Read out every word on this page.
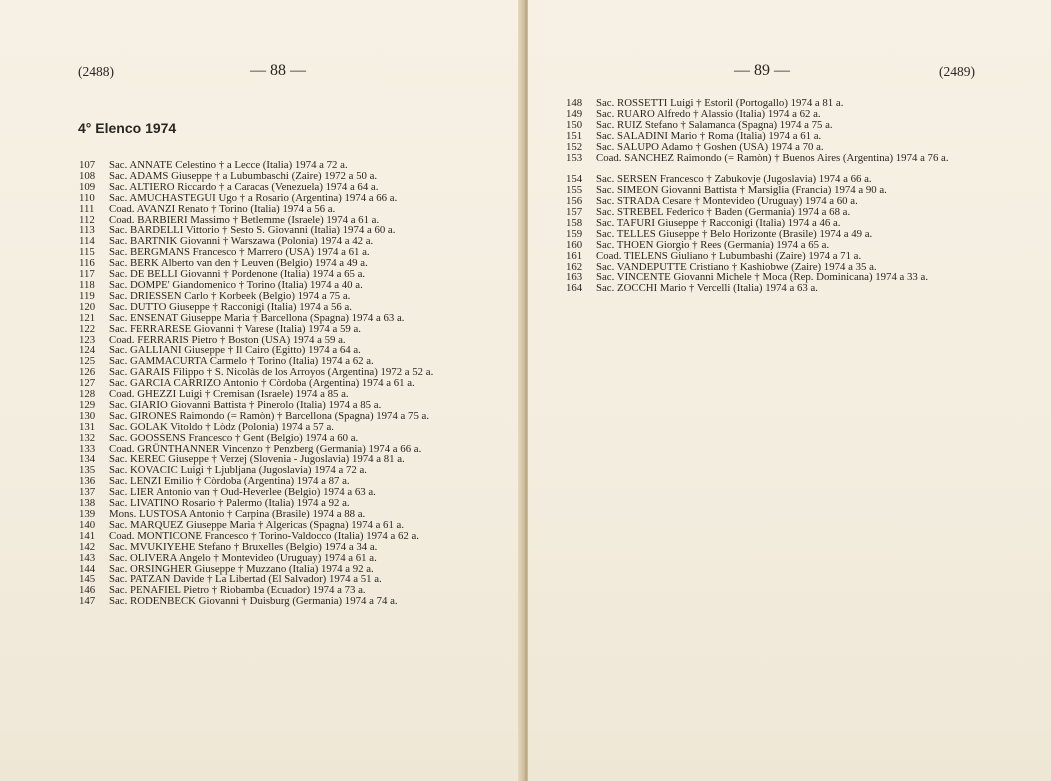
(2488)	— 88 —
4° Elenco 1974
107	Sac. ANNATE Celestino † a Lecce (Italia) 1974 a 72 a.
108	Sac. ADAMS Giuseppe † a Lubumbaschi (Zaire) 1972 a 50 a.
109	Sac. ALTIERO Riccardo † a Caracas (Venezuela) 1974 a 64 a.
110	Sac. AMUCHASTEGUI Ugo † a Rosario (Argentina) 1974 a 66 a.
111	Coad. AVANZI Renato † Torino (Italia) 1974 a 56 a.
112	Coad. BARBIERI Massimo † Betlemme (Israele) 1974 a 61 a.
113	Sac. BARDELLI Vittorio † Sesto S. Giovanni (Italia) 1974 a 60 a.
114	Sac. BARTNIK Giovanni † Warszawa (Polonia) 1974 a 42 a.
115	Sac. BERGMANS Francesco † Marrero (USA) 1974 a 61 a.
116	Sac. BERK Alberto van den † Leuven (Belgio) 1974 a 49 a.
117	Sac. DE BELLI Giovanni † Pordenone (Italia) 1974 a 65 a.
118	Sac. DOMPE' Giandomenico † Torino (Italia) 1974 a 40 a.
119	Sac. DRIESSEN Carlo † Korbeek (Belgio) 1974 a 75 a.
120	Sac. DUTTO Giuseppe † Racconigi (Italia) 1974 a 56 a.
121	Sac. ENSENAT Giuseppe Maria † Barcellona (Spagna) 1974 a 63 a.
122	Sac. FERRARESE Giovanni † Varese (Italia) 1974 a 59 a.
123	Coad. FERRARIS Pietro † Boston (USA) 1974 a 59 a.
124	Sac. GALLIANI Giuseppe † Il Cairo (Egitto) 1974 a 64 a.
125	Sac. GAMMACURTA Carmelo † Torino (Italia) 1974 a 62 a.
126	Sac. GARAIS Filippo † S. Nicolàs de los Arroyos (Argentina) 1972 a 52 a.
127	Sac. GARCIA CARRIZO Antonio † Còrdoba (Argentina) 1974 a 61 a.
128	Coad. GHEZZI Luigi † Cremisan (Israele) 1974 a 85 a.
129	Sac. GIARIO Giovanni Battista † Pinerolo (Italia) 1974 a 85 a.
130	Sac. GIRONES Raimondo (= Ramòn) † Barcellona (Spagna) 1974 a 75 a.
131	Sac. GOLAK Vitoldo † Lòdz (Polonia) 1974 a 57 a.
132	Sac. GOOSSENS Francesco † Gent (Belgio) 1974 a 60 a.
133	Coad. GRÜNTHANNER Vincenzo † Penzberg (Germania) 1974 a 66 a.
134	Sac. KEREC Giuseppe † Verzej (Slovenia - Jugoslavia) 1974 a 81 a.
135	Sac. KOVACIC Luigi † Ljubljana (Jugoslavia) 1974 a 72 a.
136	Sac. LENZI Emilio † Còrdoba (Argentina) 1974 a 87 a.
137	Sac. LIER Antonio van † Oud-Heverlee (Belgio) 1974 a 63 a.
138	Sac. LIVATINO Rosario † Palermo (Italia) 1974 a 92 a.
139	Mons. LUSTOSA Antonio † Carpina (Brasile) 1974 a 88 a.
140	Sac. MARQUEZ Giuseppe Maria † Algericas (Spagna) 1974 a 61 a.
141	Coad. MONTICONE Francesco † Torino-Valdocco (Italia) 1974 a 62 a.
142	Sac. MVUKIYEHE Stefano † Bruxelles (Belgio) 1974 a 34 a.
143	Sac. OLIVERA Angelo † Montevideo (Uruguay) 1974 a 61 a.
144	Sac. ORSINGHER Giuseppe † Muzzano (Italia) 1974 a 92 a.
145	Sac. PATZAN Davide † La Libertad (El Salvador) 1974 a 51 a.
146	Sac. PENAFIEL Pietro † Riobamba (Ecuador) 1974 a 73 a.
147	Sac. RODENBECK Giovanni † Duisburg (Germania) 1974 a 74 a.
— 89 —	(2489)
148	Sac. ROSSETTI Luigi † Estoril (Portogallo) 1974 a 81 a.
149	Sac. RUARO Alfredo † Alassio (Italia) 1974 a 62 a.
150	Sac. RUIZ Stefano † Salamanca (Spagna) 1974 a 75 a.
151	Sac. SALADINI Mario † Roma (Italia) 1974 a 61 a.
152	Sac. SALUPO Adamo † Goshen (USA) 1974 a 70 a.
153	Coad. SANCHEZ Raimondo (= Ramòn) † Buenos Aires (Argentina) 1974 a 76 a.
154	Sac. SERSEN Francesco † Zabukovje (Jugoslavia) 1974 a 66 a.
155	Sac. SIMEON Giovanni Battista † Marsiglia (Francia) 1974 a 90 a.
156	Sac. STRADA Cesare † Montevideo (Uruguay) 1974 a 60 a.
157	Sac. STREBEL Federico † Baden (Germania) 1974 a 68 a.
158	Sac. TAFURI Giuseppe † Racconigi (Italia) 1974 a 46 a.
159	Sac. TELLES Giuseppe † Belo Horizonte (Brasile) 1974 a 49 a.
160	Sac. THOEN Giorgio † Rees (Germania) 1974 a 65 a.
161	Coad. TIELENS Giuliano † Lubumbashi (Zaire) 1974 a 71 a.
162	Sac. VANDEPUTTE Cristiano † Kashiobwe (Zaire) 1974 a 35 a.
163	Sac. VINCENTE Giovanni Michele † Moca (Rep. Dominicana) 1974 a 33 a.
164	Sac. ZOCCHI Mario † Vercelli (Italia) 1974 a 63 a.
